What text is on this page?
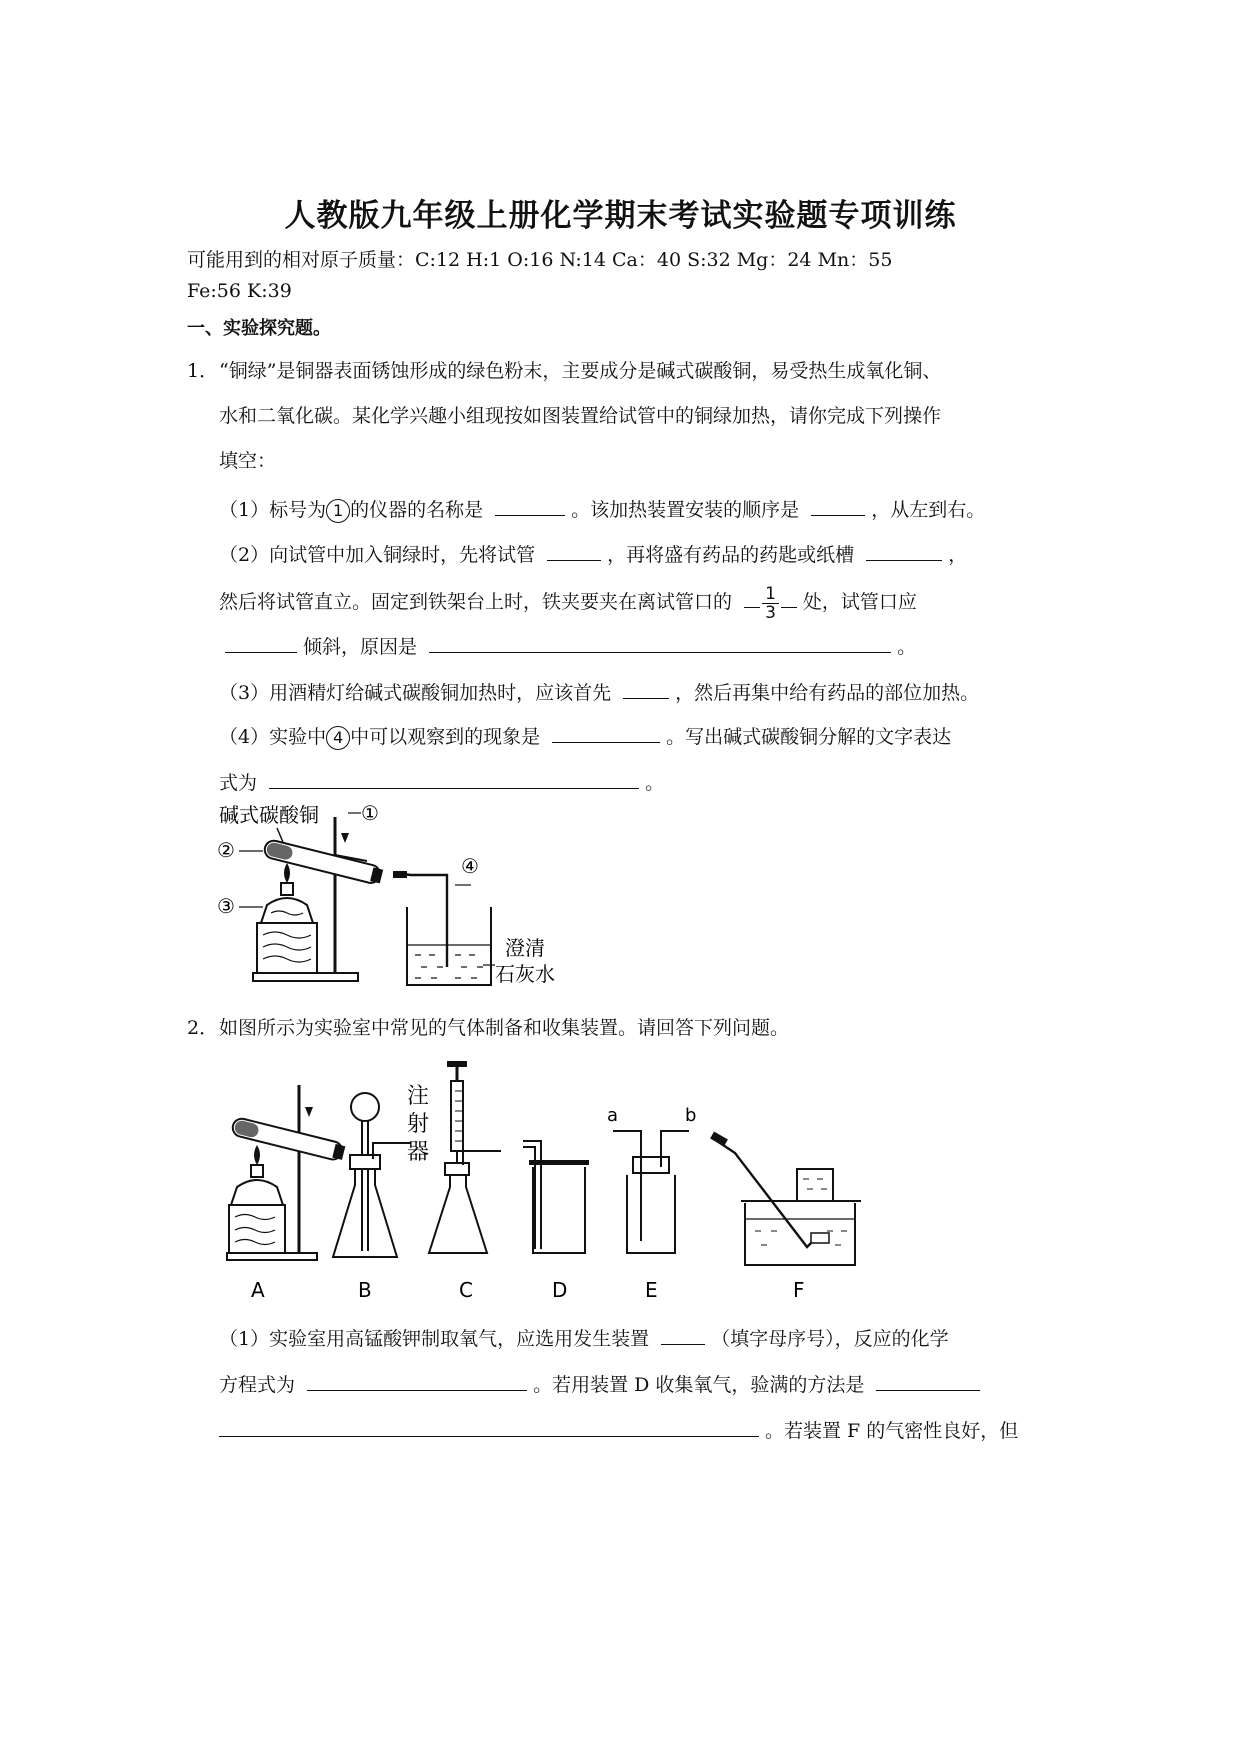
人教版九年级上册化学期末考试实验题专项训练
可能用到的相对原子质量：C:12 H:1 O:16 N:14 Ca：40 S:32 Mg：24 Mn：55
Fe:56 K:39
一、实验探究题。
1． “铜绿”是铜器表面锈蚀形成的绿色粉末，主要成分是碱式碳酸铜，易受热生成氧化铜、
水和二氧化碳。某化学兴趣小组现按如图装置给试管中的铜绿加热，请你完成下列操作
填空：
（1）标号为 1 的仪器的名称是	。该加热装置安装的顺序是	，从左到右。
（2）向试管中加入铜绿时，先将试管	，再将盛有药品的药匙或纸槽	，
然后将试管直立。固定到铁架台上时，铁夹要夹在离试管口的 $\frac{1}{3}$ 处，试管口应
倾斜，原因是	。
（3）用酒精灯给碱式碳酸铜加热时，应该首先	，然后再集中给有药品的部位加热。
（4）实验中 4 中可以观察到的现象是	。写出碱式碳酸铜分解的文字表达
式为	。
碱式碳酸铜 ①
②
③
④
澄清
石灰水
2． 如图所示为实验室中常见的气体制备和收集装置。请回答下列问题。
注
射
器
a	b
A	B	C	D	E	F
（1）实验室用高锰酸钾制取氧气，应选用发生装置	（填字母序号），反应的化学
方程式为	。若用装置 D 收集氧气，验满的方法是
。若装置 F 的气密性良好，但
